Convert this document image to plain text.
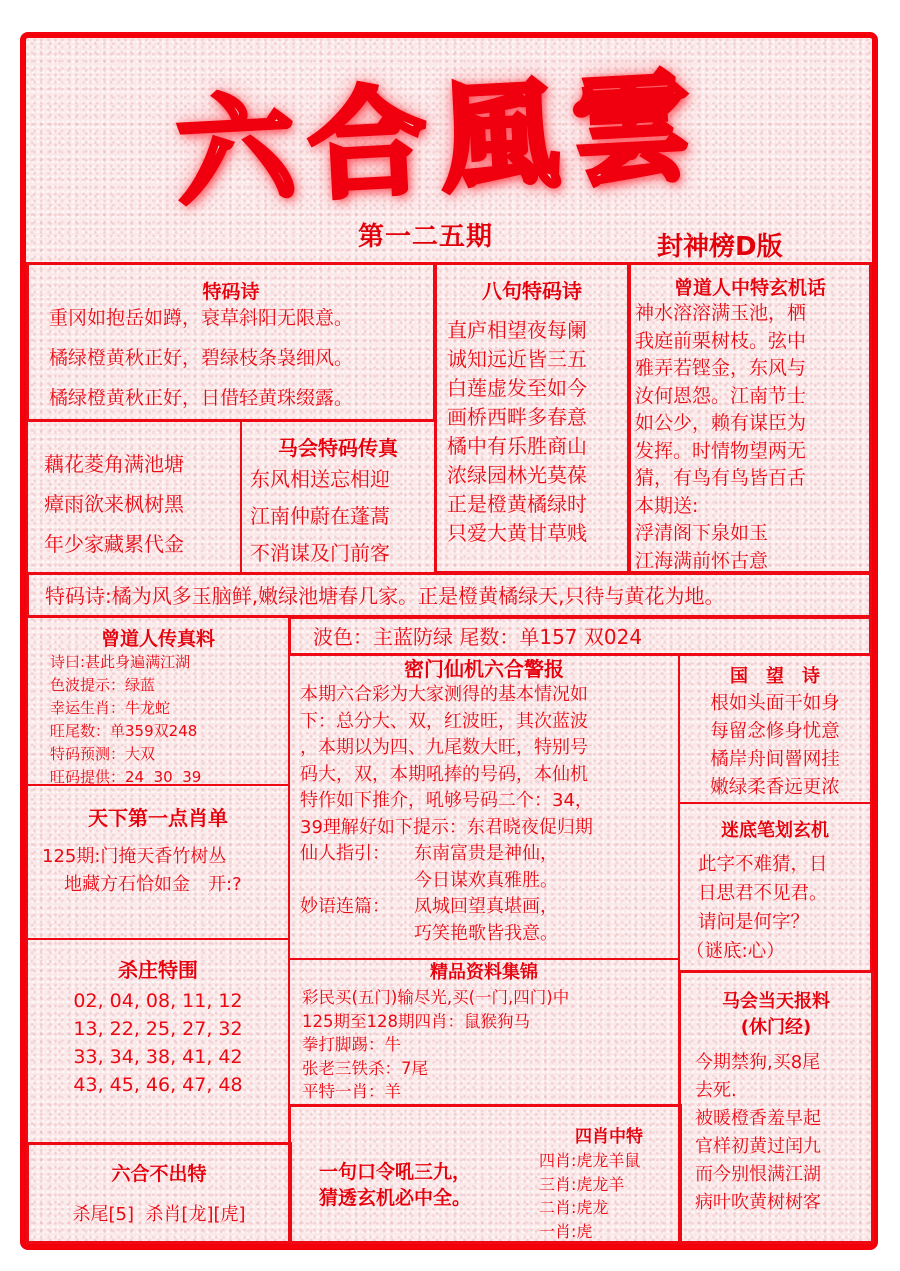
六合風雲
第一二五期	封神榜D版
特码诗
重冈如抱岳如蹲，衰草斜阳无限意。
橘绿橙黄秋正好，碧绿枝条袅细风。
橘绿橙黄秋正好，日借轻黄珠缀露。
八句特码诗
直庐相望夜每阑
诚知远近皆三五
白莲虚发至如今
画桥西畔多春意
橘中有乐胜商山
浓绿园林光莫葆
正是橙黄橘绿时
只爱大黄甘草贱
曾道人中特玄机话
神水溶溶满玉池，栖
我庭前栗树枝。弦中
雅弄若铿金，东风与
汝何恩怨。江南节士
如公少，赖有谋臣为
发挥。时情物望两无
猜，有鸟有鸟皆百舌
本期送:
浮清阁下泉如玉
江海满前怀古意
藕花菱角满池塘
瘴雨欲来枫树黑
年少家藏累代金
马会特码传真
东风相送忘相迎
江南仲蔚在蓬蒿
不消谋及门前客
特码诗:橘为风多玉脑鲜,嫩绿池塘春几家。正是橙黄橘绿天,只待与黄花为地。
曾道人传真料
诗曰:甚此身遍满江湖
色波提示：绿蓝
幸运生肖：牛龙蛇
旺尾数：单359双248
特码预测：大双
旺码提供：24  30  39
天下第一点肖单
125期:门掩天香竹树丛
地藏方石恰如金　开:?
杀庄特围
02, 04, 08, 11, 12
13, 22, 25, 27, 32
33, 34, 38, 41, 42
43, 45, 46, 47, 48
六合不出特
杀尾[5]  杀肖[龙][虎]
波色：主蓝防绿 尾数：单157 双024
密门仙机六合警报
本期六合彩为大家测得的基本情况如
下：总分大、双，红波旺，其次蓝波
，本期以为四、九尾数大旺，特别号
码大，双，本期吼捧的号码，本仙机
特作如下推介，吼够号码二个：34，
39理解好如下提示：东君晓夜促归期
仙人指引： 东南富贵是神仙，
今日谋欢真雅胜。
妙语连篇： 凤城回望真堪画，
巧笑艳歌皆我意。
精品资料集锦
彩民买(五门)输尽光,买(一门,四门)中
125期至128期四肖：鼠猴狗马
拳打脚踢：牛
张老三铁杀：7尾
平特一肖：羊
一句口令吼三九，
猜透玄机必中全。
四肖中特
四肖:虎龙羊鼠
三肖:虎龙羊
二肖:虎龙
一肖:虎
国　望　诗
根如头面干如身
每留念修身忧意
橘岸舟间罾网挂
嫩绿柔香远更浓
迷底笔划玄机
此字不难猜，日
日思君不见君。
请问是何字？
（谜底:心）
马会当天报料
(休门经)
今期禁狗,买8尾
去死.
被暖橙香羞早起
官样初黄过闰九
而今别恨满江湖
病叶吹黄树树客
